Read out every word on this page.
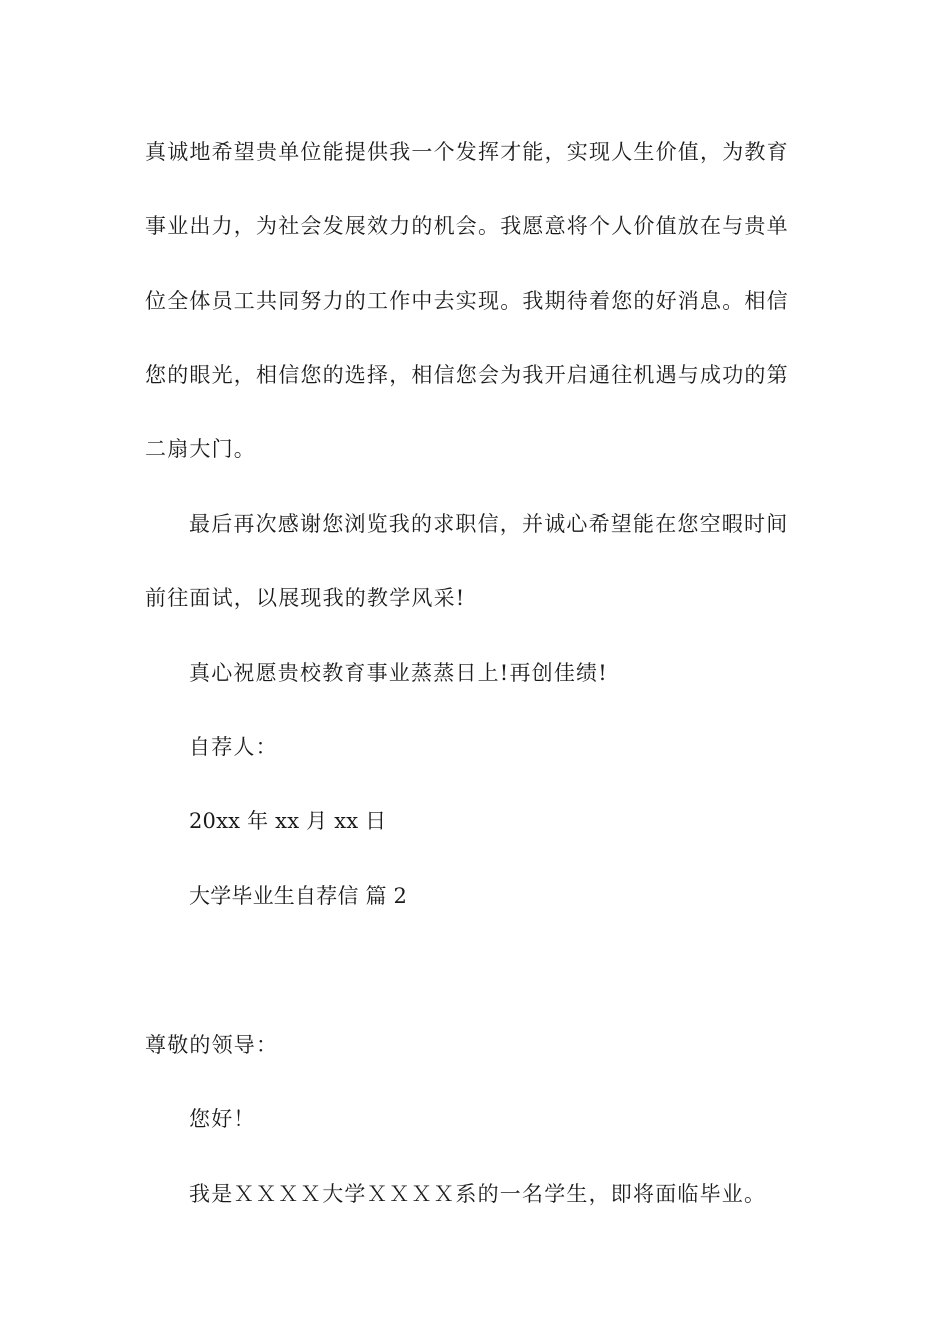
真诚地希望贵单位能提供我一个发挥才能，实现人生价值，为教育
事业出力，为社会发展效力的机会。我愿意将个人价值放在与贵单
位全体员工共同努力的工作中去实现。我期待着您的好消息。相信
您的眼光，相信您的选择，相信您会为我开启通往机遇与成功的第
二扇大门。
最后再次感谢您浏览我的求职信，并诚心希望能在您空暇时间
前往面试，以展现我的教学风采!
真心祝愿贵校教育事业蒸蒸日上!再创佳绩!
自荐人：
20xx 年 xx 月 xx 日
大学毕业生自荐信 篇 2
尊敬的领导：
您好！
我是ＸＸＸＸ大学ＸＸＸＸ系的一名学生，即将面临毕业。
